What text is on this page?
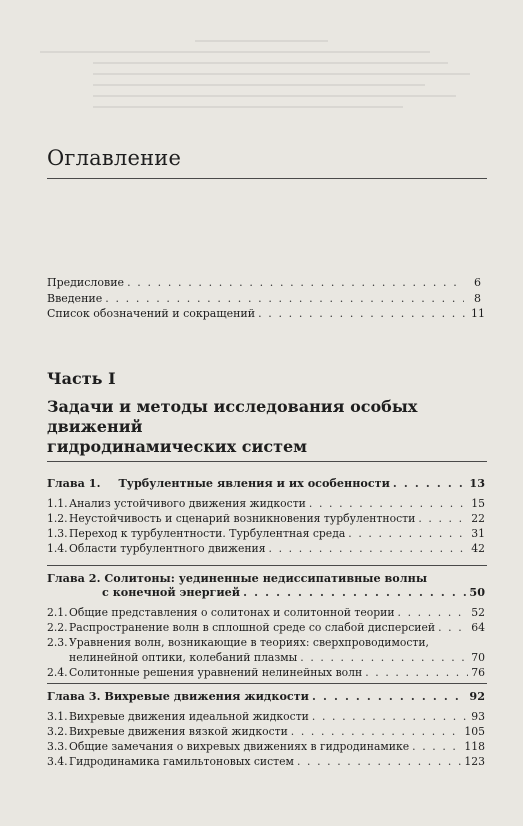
Оглавление
Предисловие . . .	6
Введение . . .	8
Список обозначений и сокращений . . .	11
Часть I
Задачи и методы исследования особых движений
гидродинамических систем
Глава 1. Турбулентные явления и их особенности . . .	13
1.1.Анализ устойчивого движения жидкости . . .	15
1.2.Неустойчивость и сценарий возникновения турбулентности . . .	22
1.3.Переход к турбулентности. Турбулентная среда . . .	31
1.4.Области турбулентного движения . . .	42
Глава 2. Солитоны: уединенные недиссипативные волны
с конечной энергией . . .	50
2.1.Общие представления о солитонах и солитонной теории . . .	52
2.2.Распространение волн в сплошной среде со слабой дисперсией . . .	64
2.3.Уравнения волн, возникающие в теориях: сверхпроводимости,
нелинейной оптики, колебаний плазмы . . .	70
2.4.Солитонные решения уравнений нелинейных волн . . .	76
Глава 3. Вихревые движения жидкости . . .	92
3.1.Вихревые движения идеальной жидкости . . .	93
3.2.Вихревые движения вязкой жидкости . . .	105
3.3.Общие замечания о вихревых движениях в гидродинамике . . .	118
3.4.Гидродинамика гамильтоновых систем . . .	123
